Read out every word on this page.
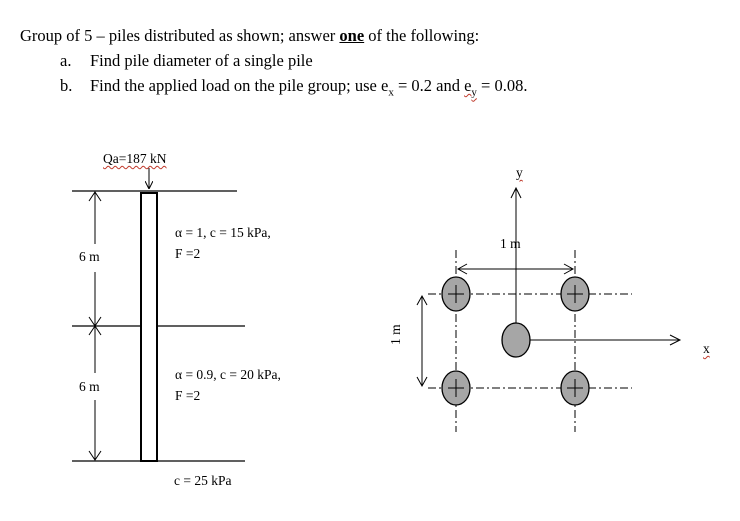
Group of 5 – piles distributed as shown; answer one of the following:
a. Find pile diameter of a single pile
b. Find the applied load on the pile group; use $e_x = 0.2$ and $e_y = 0.08$.
Qa=187 kN
6 m
6 m
α = 1, c = 15 kPa,
F =2
α = 0.9, c = 20 kPa,
F =2
c = 25 kPa
y
x
1 m
1 m
